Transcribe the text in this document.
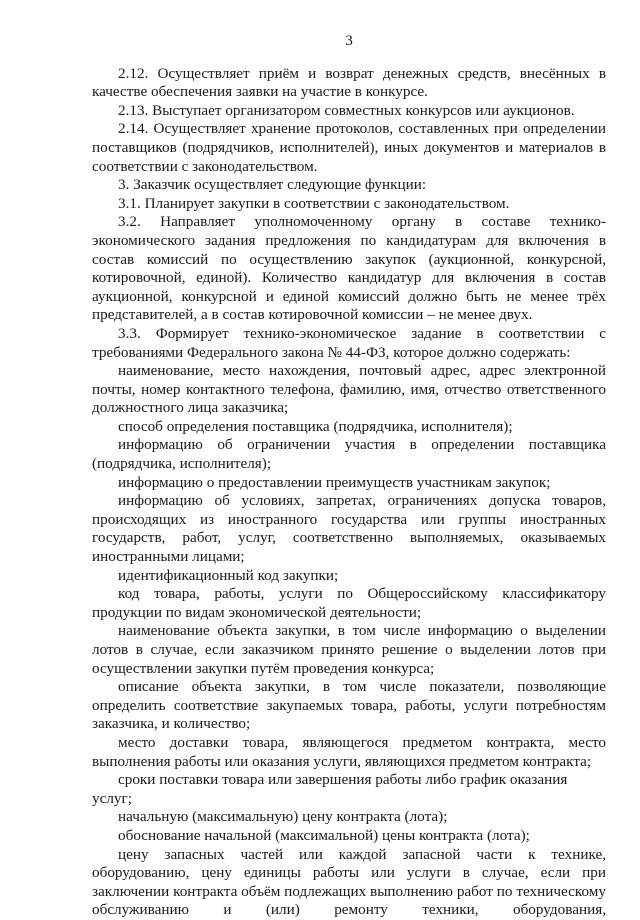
3

2.12. Осуществляет приём и возврат денежных средств, внесённых в качестве обеспечения заявки на участие в конкурсе.

2.13. Выступает организатором совместных конкурсов или аукционов.

2.14. Осуществляет хранение протоколов, составленных при определении поставщиков (подрядчиков, исполнителей), иных документов и материалов в соответствии с законодательством.

3. Заказчик осуществляет следующие функции:

3.1. Планирует закупки в соответствии с законодательством.

3.2. Направляет уполномоченному органу в составе технико-экономического задания предложения по кандидатурам для включения в состав комиссий по осуществлению закупок (аукционной, конкурсной, котировочной, единой). Количество кандидатур для включения в состав аукционной, конкурсной и единой комиссий должно быть не менее трёх представителей, а в состав котировочной комиссии – не менее двух.

3.3. Формирует технико-экономическое задание в соответствии с требованиями Федерального закона № 44-ФЗ, которое должно содержать:

наименование, место нахождения, почтовый адрес, адрес электронной почты, номер контактного телефона, фамилию, имя, отчество ответственного должностного лица заказчика;

способ определения поставщика (подрядчика, исполнителя);

информацию об ограничении участия в определении поставщика (подрядчика, исполнителя);

информацию о предоставлении преимуществ участникам закупок;

информацию об условиях, запретах, ограничениях допуска товаров, происходящих из иностранного государства или группы иностранных государств, работ, услуг, соответственно выполняемых, оказываемых иностранными лицами;

идентификационный код закупки;

код товара, работы, услуги по Общероссийскому классификатору продукции по видам экономической деятельности;

наименование объекта закупки, в том числе информацию о выделении лотов в случае, если заказчиком принято решение о выделении лотов при осуществлении закупки путём проведения конкурса;

описание объекта закупки, в том числе показатели, позволяющие определить соответствие закупаемых товара, работы, услуги потребностям заказчика, и количество;

место доставки товара, являющегося предметом контракта, место выполнения работы или оказания услуги, являющихся предметом контракта;

сроки поставки товара или завершения работы либо график оказания услуг;

начальную (максимальную) цену контракта (лота);

обоснование начальной (максимальной) цены контракта (лота);

цену запасных частей или каждой запасной части к технике, оборудованию, цену единицы работы или услуги в случае, если при заключении контракта объём подлежащих выполнению работ по техническому обслуживанию и (или) ремонту техники, оборудования,
